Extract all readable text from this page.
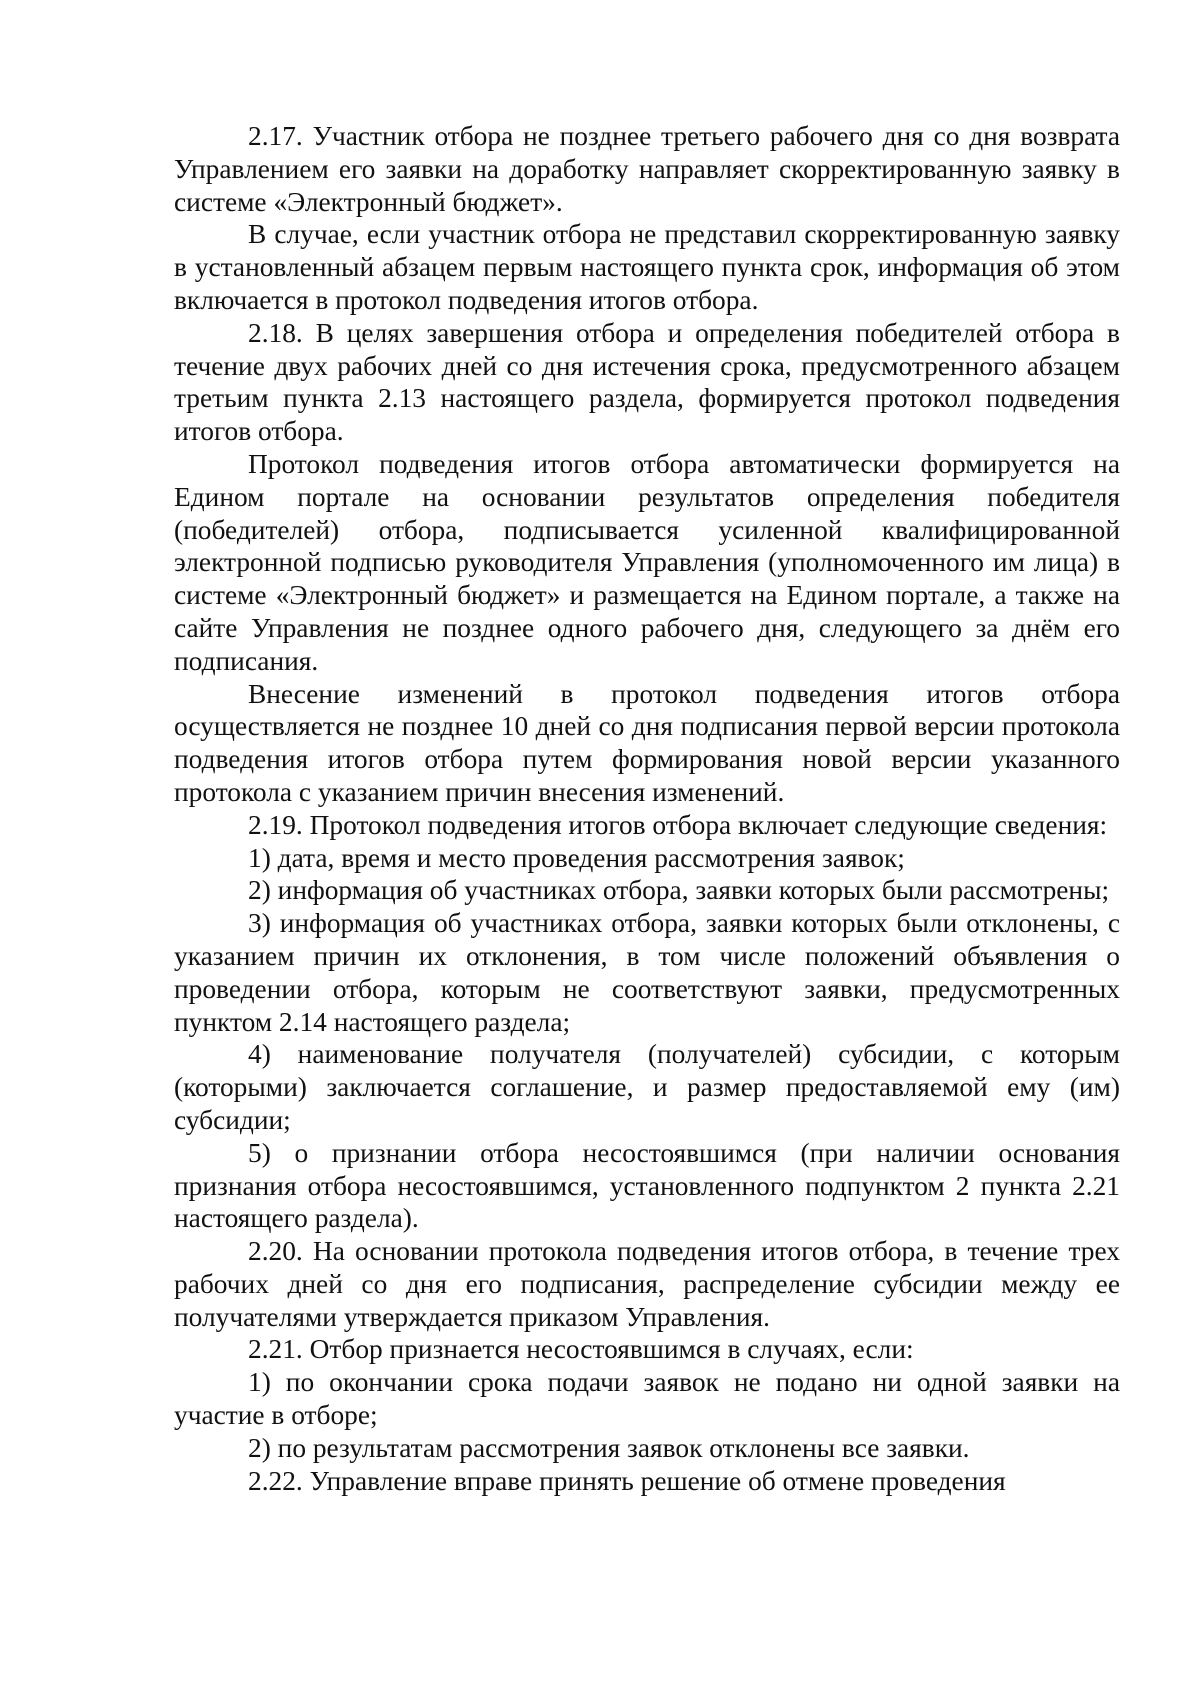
2.17. Участник отбора не позднее третьего рабочего дня со дня возврата Управлением его заявки на доработку направляет скорректированную заявку в системе «Электронный бюджет».

В случае, если участник отбора не представил скорректированную заявку в установленный абзацем первым настоящего пункта срок, информация об этом включается в протокол подведения итогов отбора.

2.18. В целях завершения отбора и определения победителей отбора в течение двух рабочих дней со дня истечения срока, предусмотренного абзацем третьим пункта 2.13 настоящего раздела, формируется протокол подведения итогов отбора.

Протокол подведения итогов отбора автоматически формируется на Едином портале на основании результатов определения победителя (победителей) отбора, подписывается усиленной квалифицированной электронной подписью руководителя Управления (уполномоченного им лица) в системе «Электронный бюджет» и размещается на Едином портале, а также на сайте Управления не позднее одного рабочего дня, следующего за днём его подписания.

Внесение изменений в протокол подведения итогов отбора осуществляется не позднее 10 дней со дня подписания первой версии протокола подведения итогов отбора путем формирования новой версии указанного протокола с указанием причин внесения изменений.

2.19. Протокол подведения итогов отбора включает следующие сведения:

1) дата, время и место проведения рассмотрения заявок;

2) информация об участниках отбора, заявки которых были рассмотрены;

3) информация об участниках отбора, заявки которых были отклонены, с указанием причин их отклонения, в том числе положений объявления о проведении отбора, которым не соответствуют заявки, предусмотренных пунктом 2.14 настоящего раздела;

4) наименование получателя (получателей) субсидии, с которым (которыми) заключается соглашение, и размер предоставляемой ему (им) субсидии;

5) о признании отбора несостоявшимся (при наличии основания признания отбора несостоявшимся, установленного подпунктом 2 пункта 2.21 настоящего раздела).

2.20. На основании протокола подведения итогов отбора, в течение трех рабочих дней со дня его подписания, распределение субсидии между ее получателями утверждается приказом Управления.

2.21. Отбор признается несостоявшимся в случаях, если:

1) по окончании срока подачи заявок не подано ни одной заявки на участие в отборе;

2) по результатам рассмотрения заявок отклонены все заявки.

2.22. Управление вправе принять решение об отмене проведения
